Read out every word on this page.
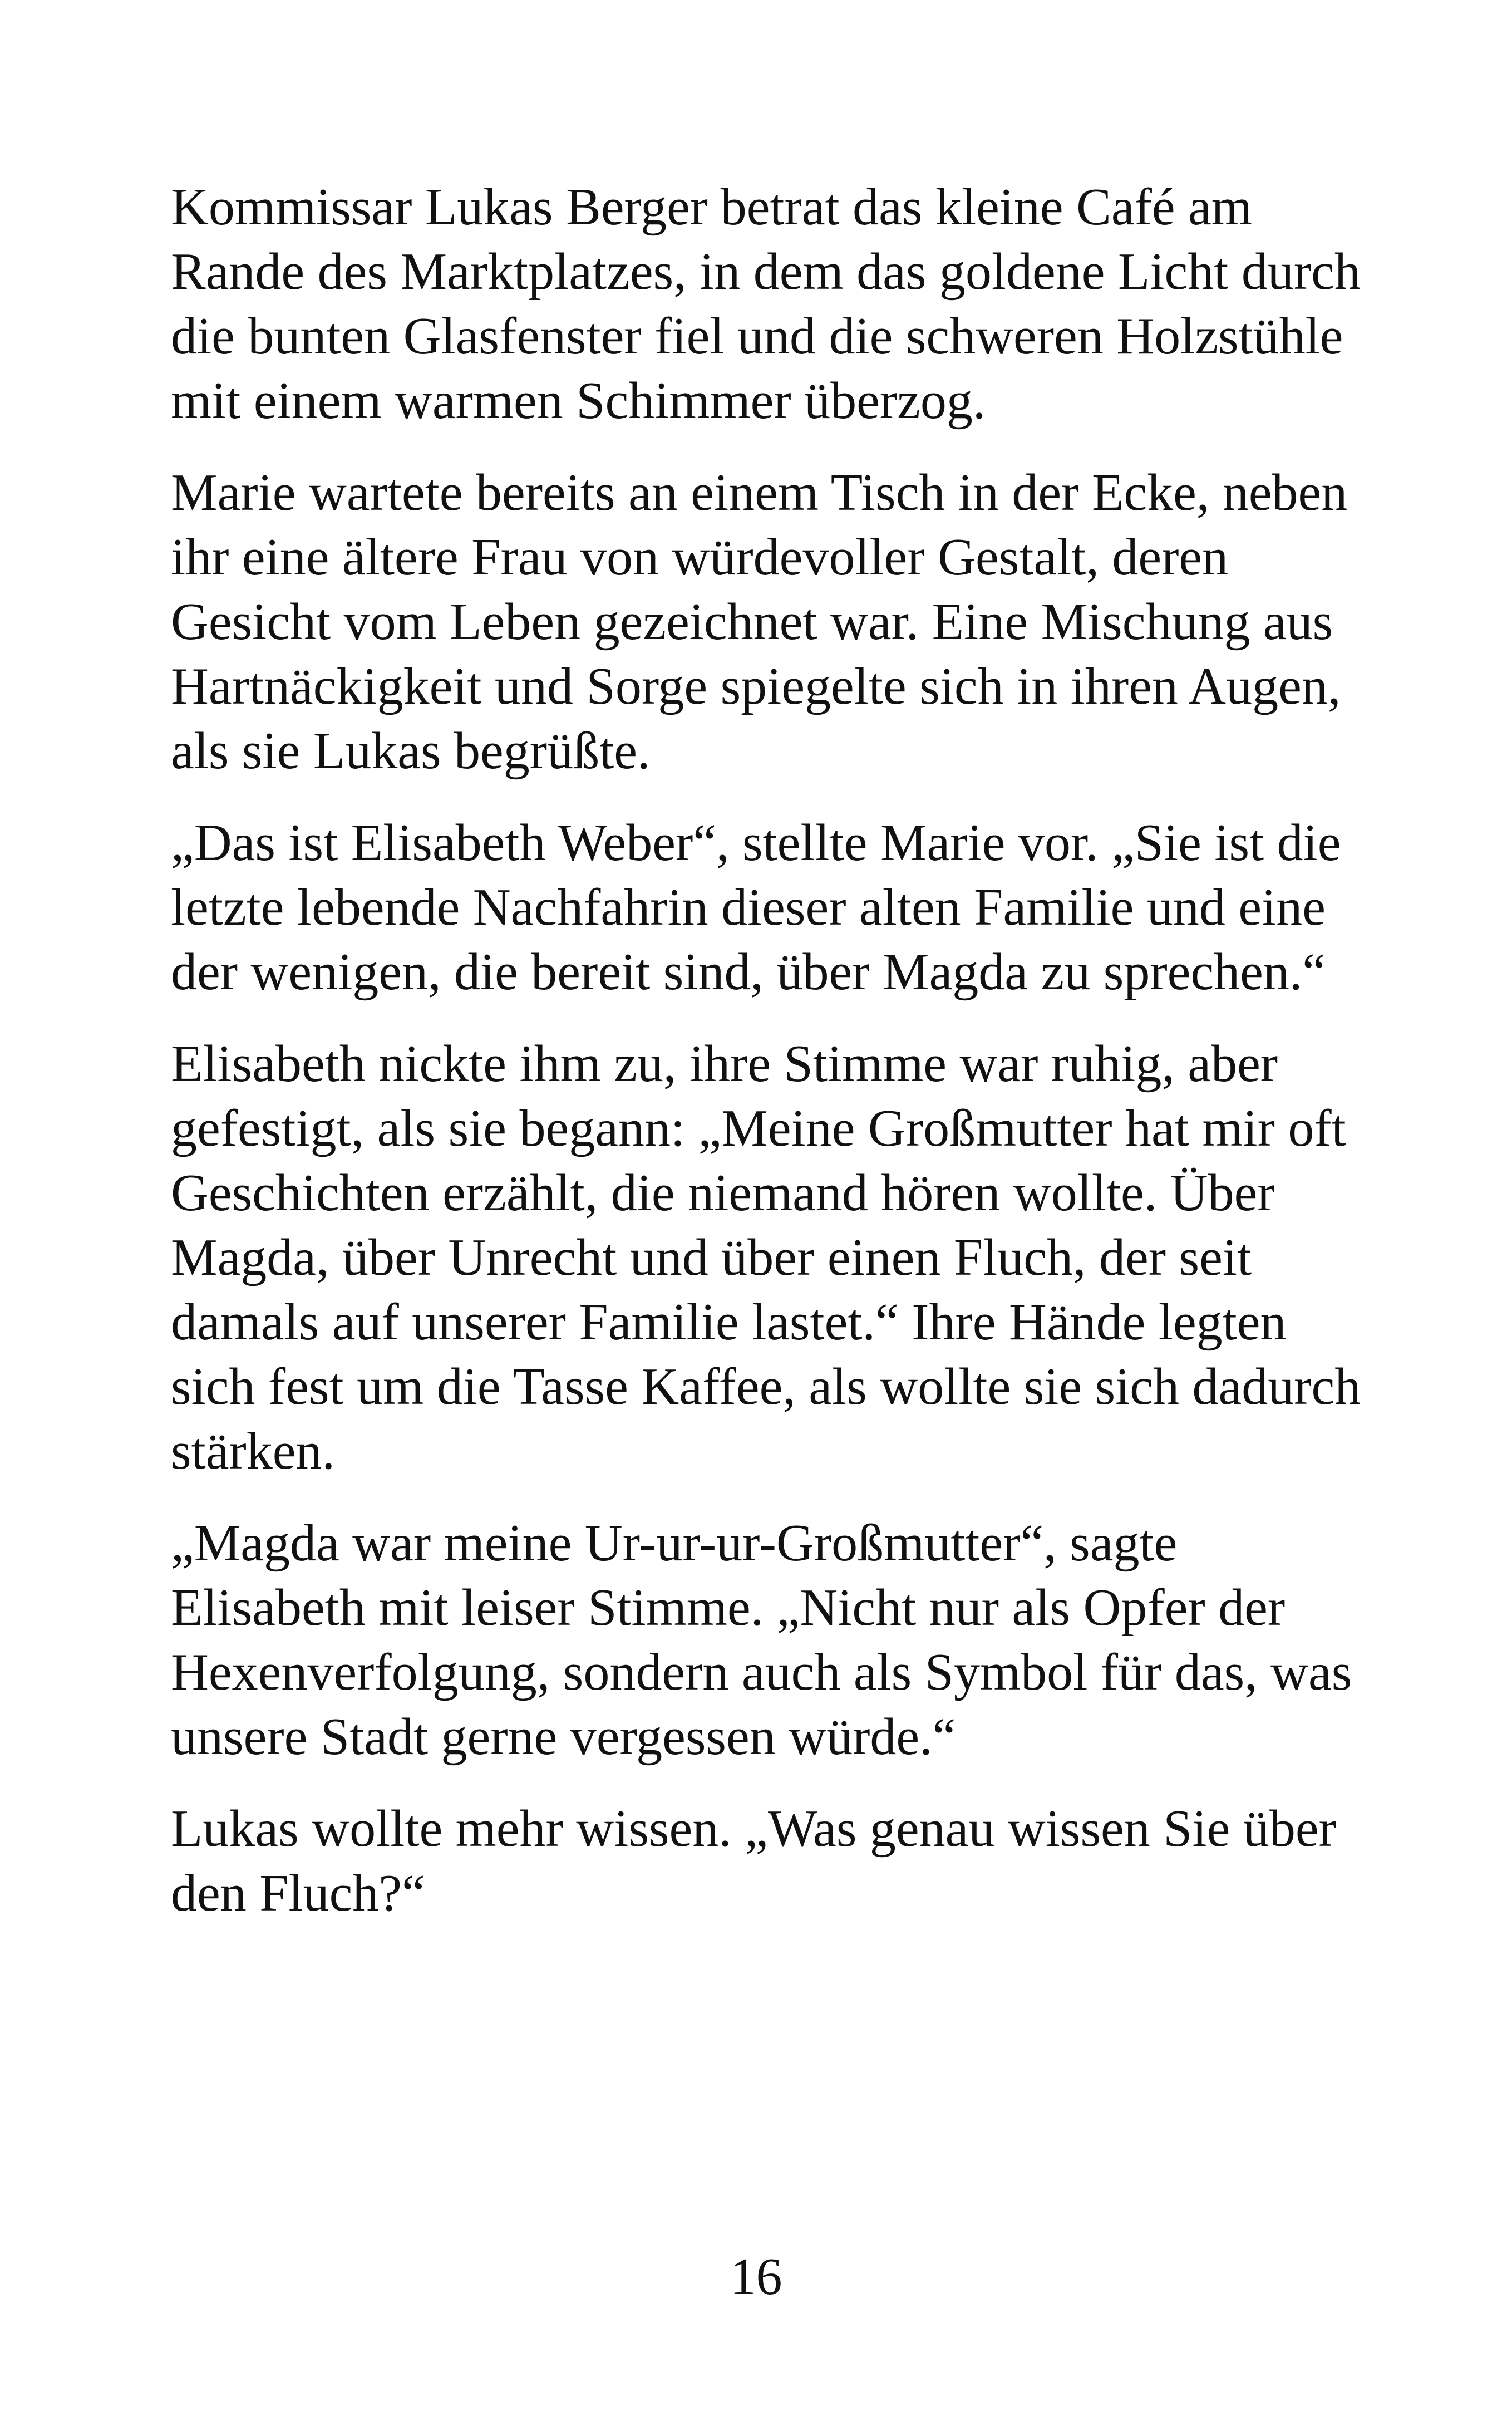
Kommissar Lukas Berger betrat das kleine Café am Rande des Marktplatzes, in dem das goldene Licht durch die bunten Glasfenster fiel und die schweren Holzstühle mit einem warmen Schimmer überzog.

Marie wartete bereits an einem Tisch in der Ecke, neben ihr eine ältere Frau von würdevoller Gestalt, deren Gesicht vom Leben gezeichnet war. Eine Mischung aus Hartnäckigkeit und Sorge spiegelte sich in ihren Augen, als sie Lukas begrüßte.

„Das ist Elisabeth Weber“, stellte Marie vor. „Sie ist die letzte lebende Nachfahrin dieser alten Familie und eine der wenigen, die bereit sind, über Magda zu sprechen.“

Elisabeth nickte ihm zu, ihre Stimme war ruhig, aber gefestigt, als sie begann: „Meine Großmutter hat mir oft Geschichten erzählt, die niemand hören wollte. Über Magda, über Unrecht und über einen Fluch, der seit damals auf unserer Familie lastet.“ Ihre Hände legten sich fest um die Tasse Kaffee, als wollte sie sich dadurch stärken.

„Magda war meine Ur-ur-ur-Großmutter“, sagte Elisabeth mit leiser Stimme. „Nicht nur als Opfer der Hexenverfolgung, sondern auch als Symbol für das, was unsere Stadt gerne vergessen würde.“

Lukas wollte mehr wissen. „Was genau wissen Sie über den Fluch?“

16
